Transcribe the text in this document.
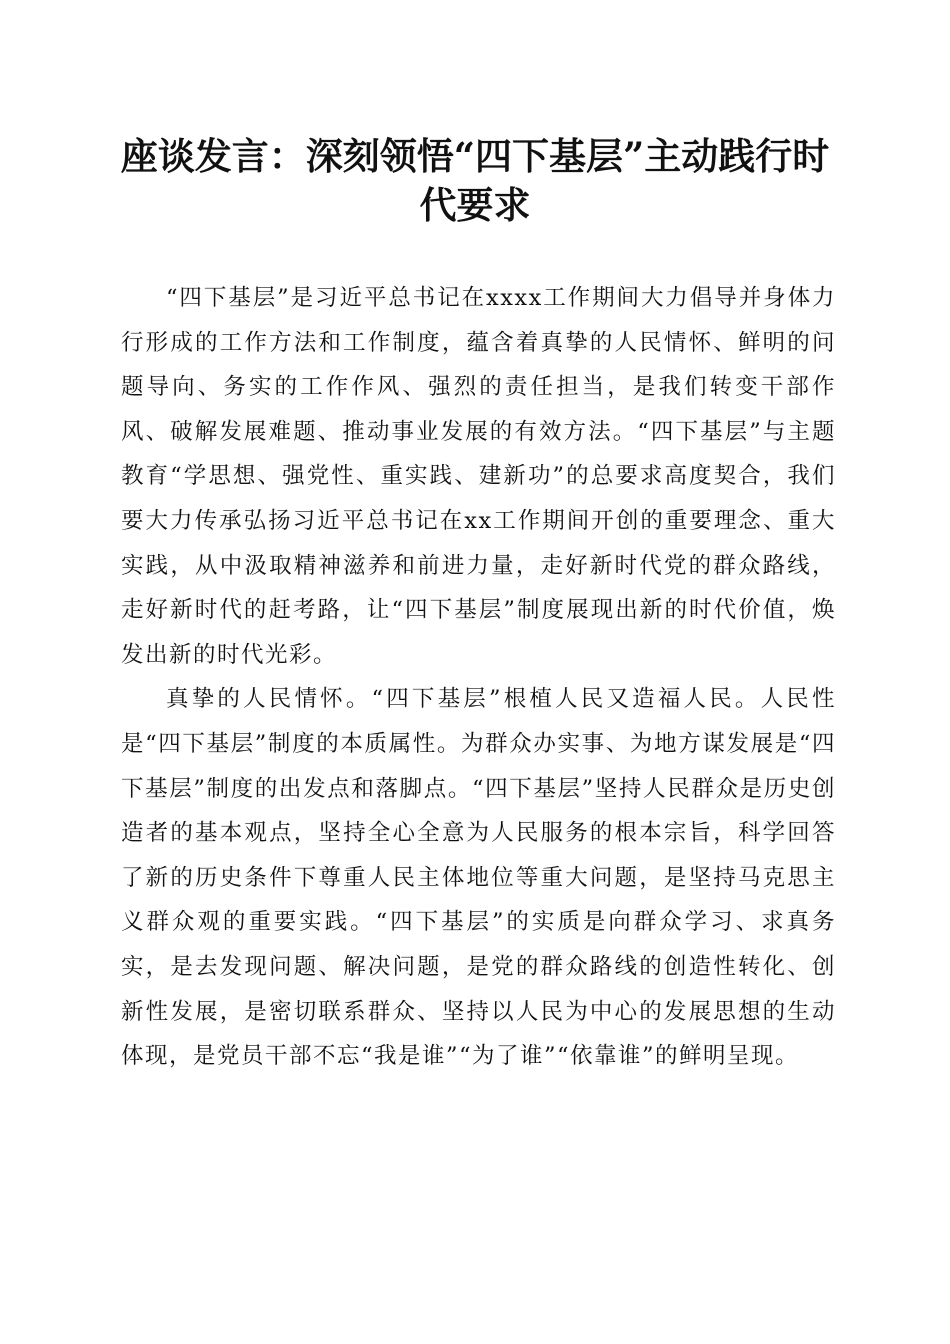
座谈发言：深刻领悟“四下基层”主动践行时代要求

“四下基层”是习近平总书记在xxxx工作期间大力倡导并身体力行形成的工作方法和工作制度，蕴含着真挚的人民情怀、鲜明的问题导向、务实的工作作风、强烈的责任担当，是我们转变干部作风、破解发展难题、推动事业发展的有效方法。“四下基层”与主题教育“学思想、强党性、重实践、建新功”的总要求高度契合，我们要大力传承弘扬习近平总书记在xx工作期间开创的重要理念、重大实践，从中汲取精神滋养和前进力量，走好新时代党的群众路线，走好新时代的赶考路，让“四下基层”制度展现出新的时代价值，焕发出新的时代光彩。

真挚的人民情怀。“四下基层”根植人民又造福人民。人民性是“四下基层”制度的本质属性。为群众办实事、为地方谋发展是“四下基层”制度的出发点和落脚点。“四下基层”坚持人民群众是历史创造者的基本观点，坚持全心全意为人民服务的根本宗旨，科学回答了新的历史条件下尊重人民主体地位等重大问题，是坚持马克思主义群众观的重要实践。“四下基层”的实质是向群众学习、求真务实，是去发现问题、解决问题，是党的群众路线的创造性转化、创新性发展，是密切联系群众、坚持以人民为中心的发展思想的生动体现，是党员干部不忘“我是谁”“为了谁”“依靠谁”的鲜明呈现。
